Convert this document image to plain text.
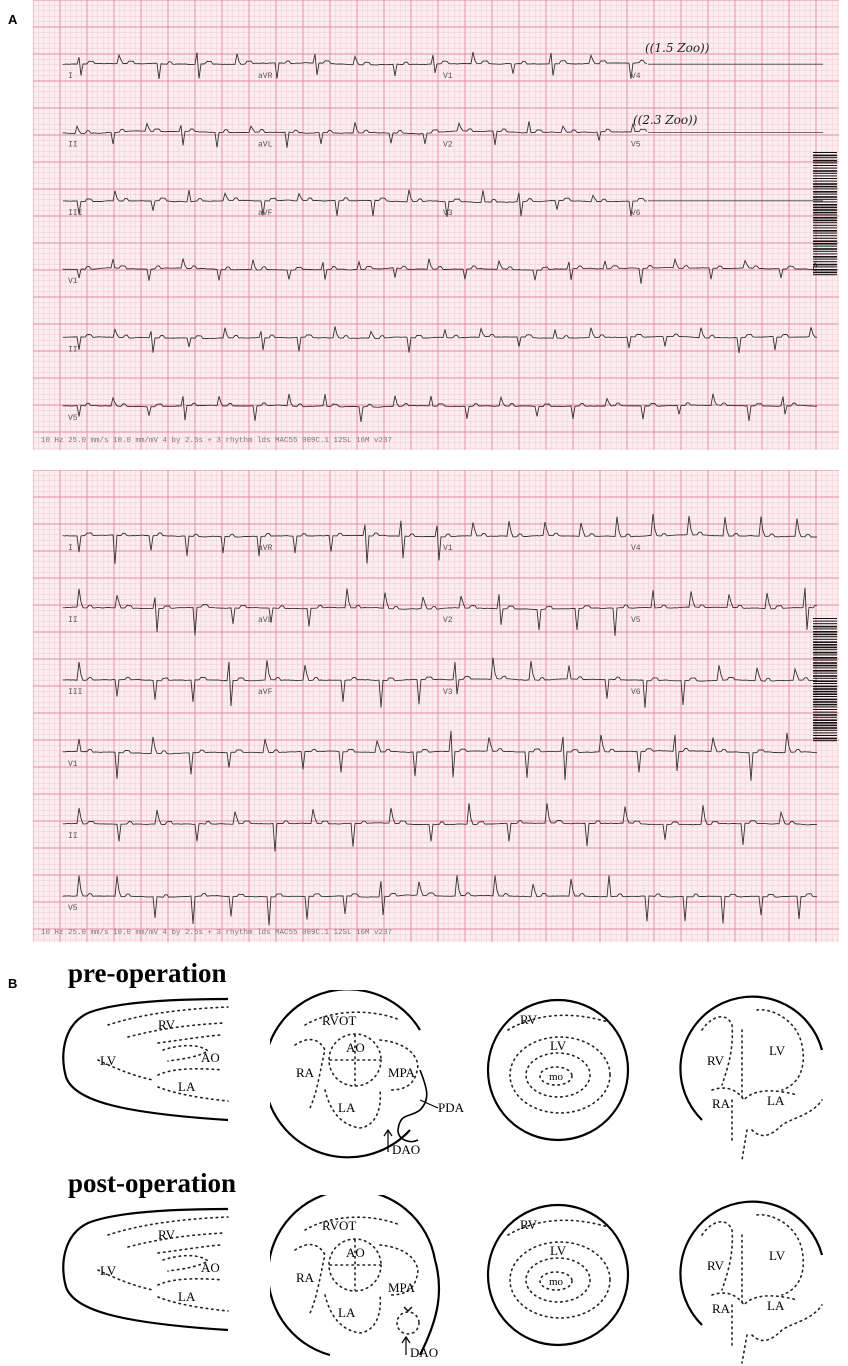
A
I	aVR	V1	V4
II	aVL	V2	V5
III	aVF	V3	V6
V1
II
V5
10 Hz 25.0 mm/s 10.0 mm/mV 4 by 2.5s + 3 rhythm lds MAC55 009C.1 12SL 16M v237
((1.5 Zoo))
((2.3 Zoo))
I	aVR	V1	V4
II	aVL	V2	V5
III	aVF	V3	V6
V1
II
V5
10 Hz 25.0 mm/s 10.0 mm/mV 4 by 2.5s + 3 rhythm lds MAC55 009C.1 12SL 16M v237
B pre-operation
post-operation
RV
LV	AO
LA
RVOT
AO
RA	MPA
LA	PDA
DAO
RV
LV
mo
RV
LV
RA	LA
RV
LV	AO
LA
RVOT
AO
RA
MPA
LA
DAO
RV
LV
mo
RV
LV
RA	LA
